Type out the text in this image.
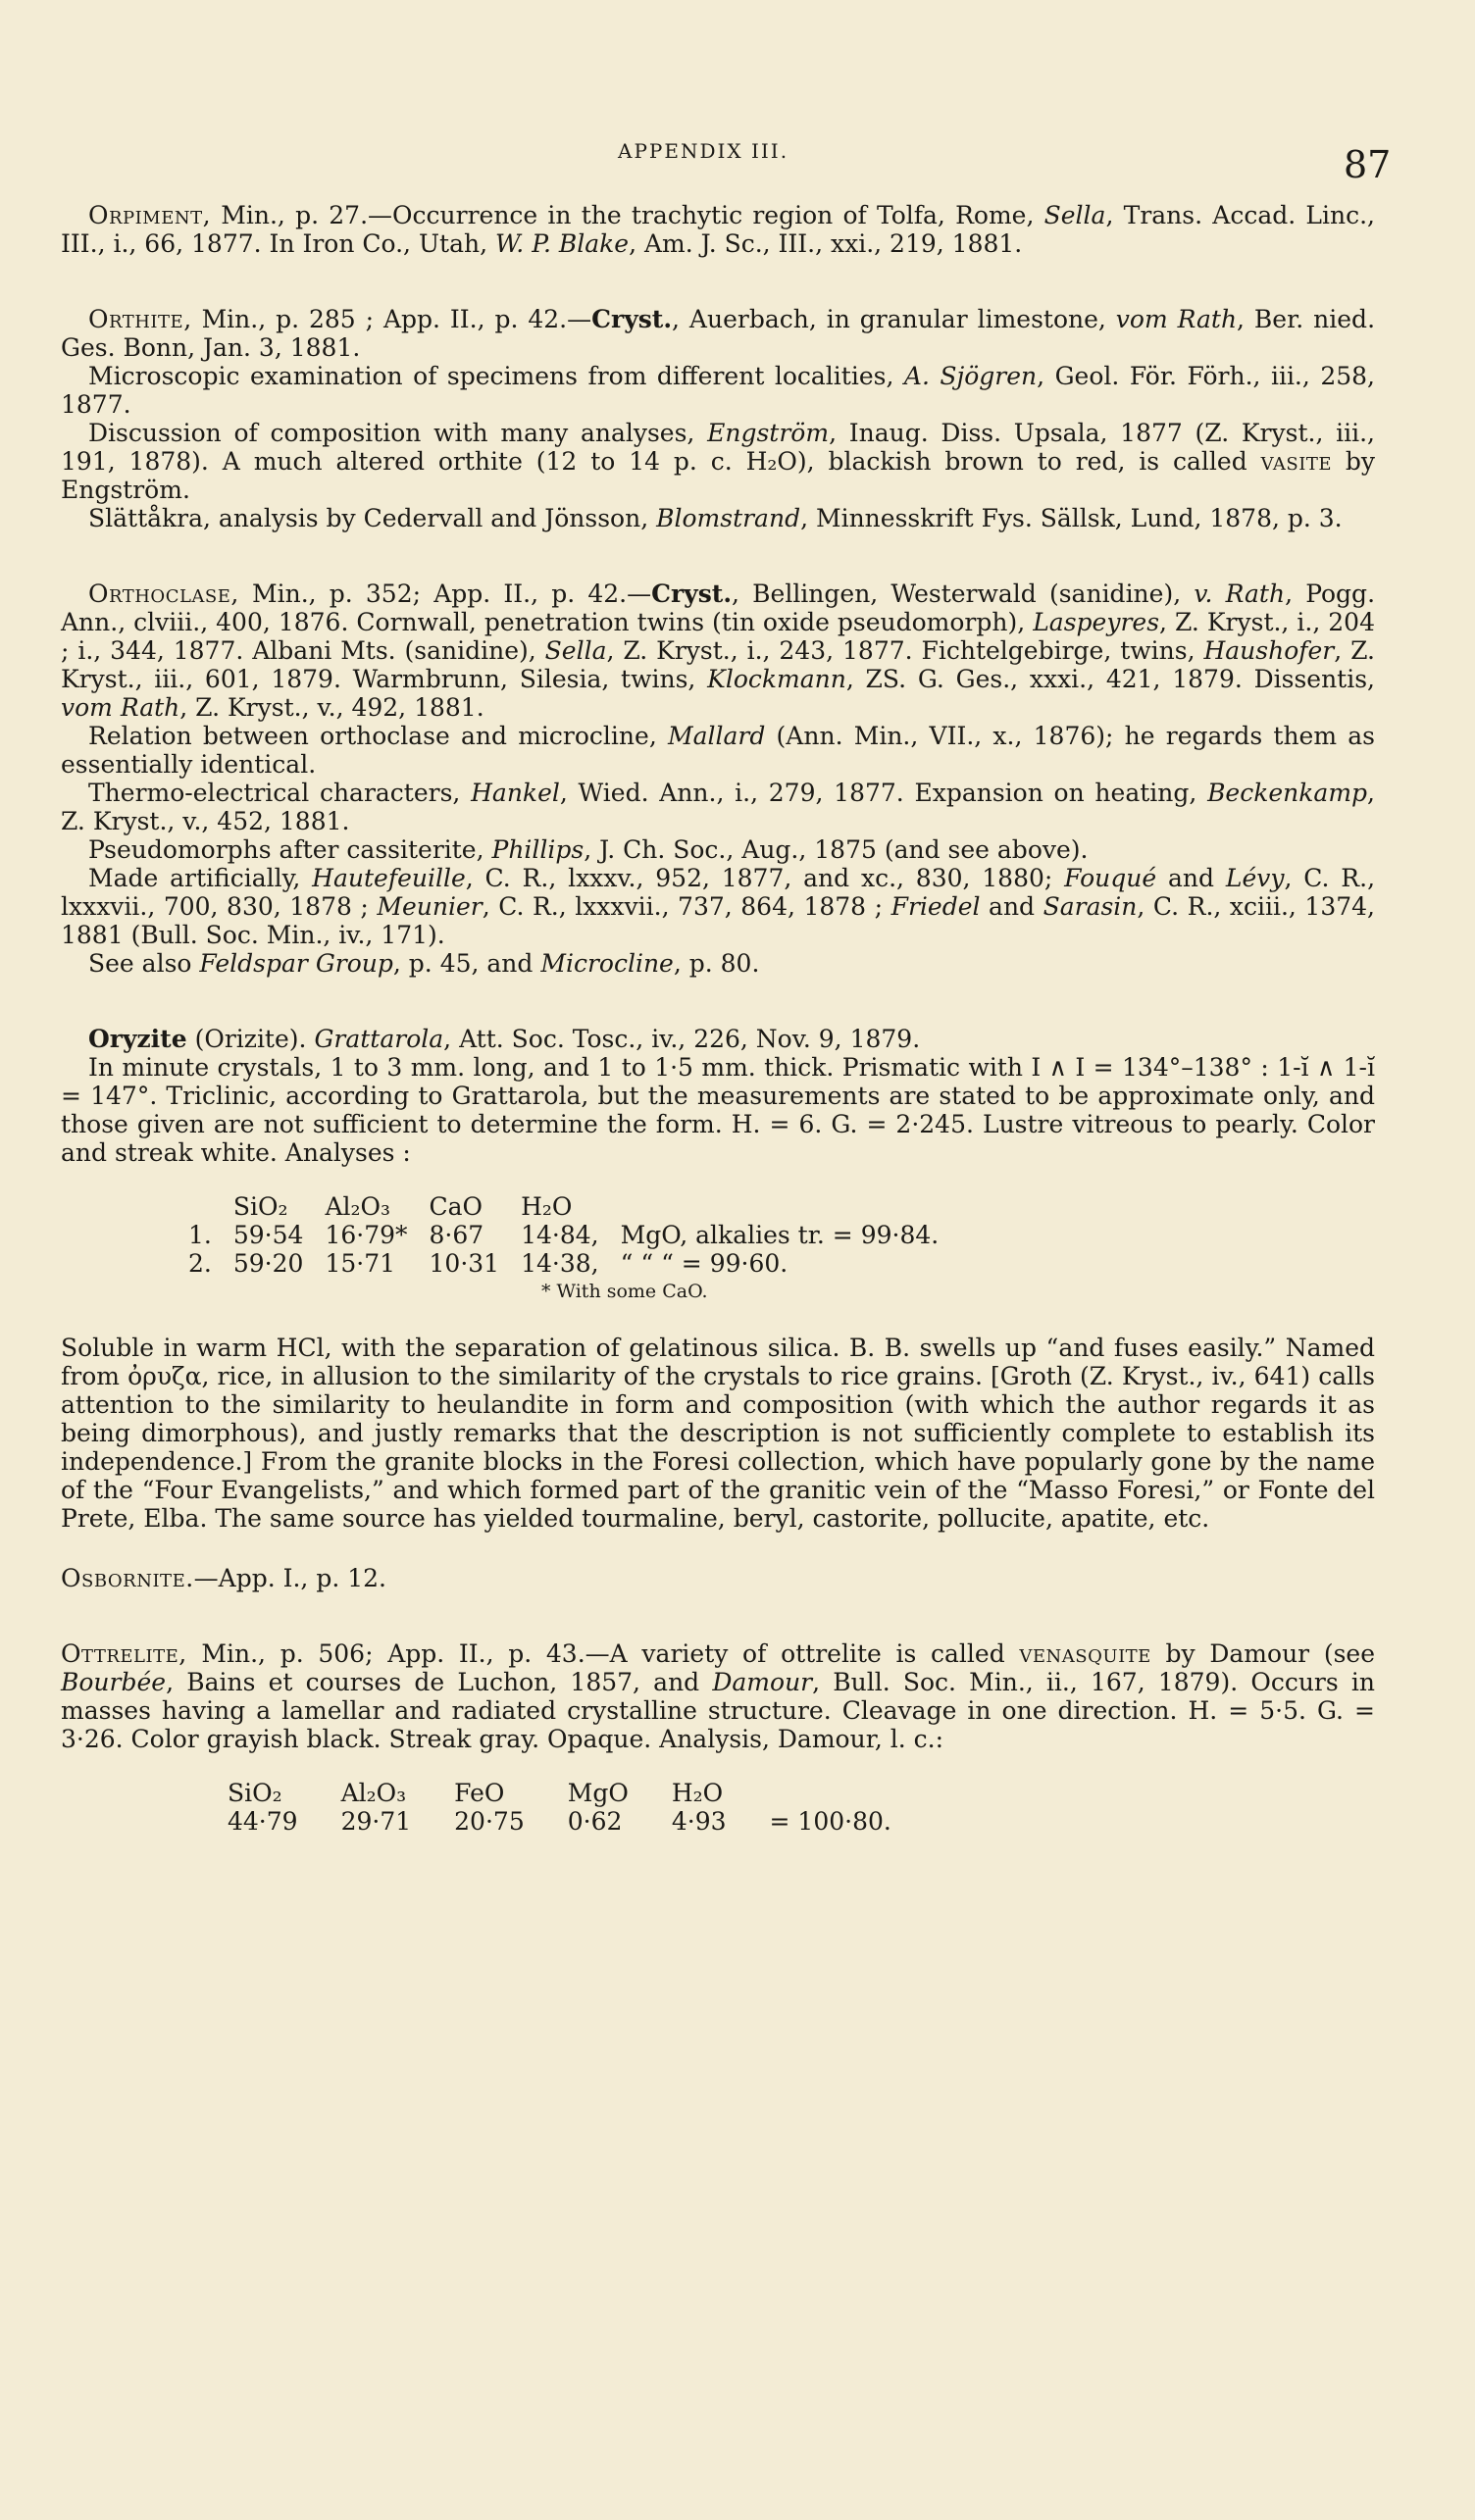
APPENDIX III.	87

Orpiment, Min., p. 27.—Occurrence in the trachytic region of Tolfa, Rome, Sella, Trans. Accad. Linc., III., i., 66, 1877. In Iron Co., Utah, W. P. Blake, Am. J. Sc., III., xxi., 219, 1881.

Orthite, Min., p. 285 ; App. II., p. 42.—Cryst., Auerbach, in granular limestone, vom Rath, Ber. nied. Ges. Bonn, Jan. 3, 1881.

Microscopic examination of specimens from different localities, A. Sjögren, Geol. För. Förh., iii., 258, 1877.

Discussion of composition with many analyses, Engström, Inaug. Diss. Upsala, 1877 (Z. Kryst., iii., 191, 1878). A much altered orthite (12 to 14 p. c. H₂O), blackish brown to red, is called vasite by Engström.

Slättåkra, analysis by Cedervall and Jönsson, Blomstrand, Minnesskrift Fys. Sällsk, Lund, 1878, p. 3.

Orthoclase, Min., p. 352; App. II., p. 42.—Cryst., Bellingen, Westerwald (sanidine), v. Rath, Pogg. Ann., clviii., 400, 1876. Cornwall, penetration twins (tin oxide pseudomorph), Laspeyres, Z. Kryst., i., 204 ; i., 344, 1877. Albani Mts. (sanidine), Sella, Z. Kryst., i., 243, 1877. Fichtelgebirge, twins, Haushofer, Z. Kryst., iii., 601, 1879. Warmbrunn, Silesia, twins, Klockmann, ZS. G. Ges., xxxi., 421, 1879. Dissentis, vom Rath, Z. Kryst., v., 492, 1881.

Relation between orthoclase and microcline, Mallard (Ann. Min., VII., x., 1876); he regards them as essentially identical.

Thermo-electrical characters, Hankel, Wied. Ann., i., 279, 1877. Expansion on heating, Beckenkamp, Z. Kryst., v., 452, 1881.

Pseudomorphs after cassiterite, Phillips, J. Ch. Soc., Aug., 1875 (and see above).

Made artificially, Hautefeuille, C. R., lxxxv., 952, 1877, and xc., 830, 1880; Fouqué and Lévy, C. R., lxxxvii., 700, 830, 1878 ; Meunier, C. R., lxxxvii., 737, 864, 1878 ; Friedel and Sarasin, C. R., xciii., 1374, 1881 (Bull. Soc. Min., iv., 171).

See also Feldspar Group, p. 45, and Microcline, p. 80.

Oryzite (Orizite). Grattarola, Att. Soc. Tosc., iv., 226, Nov. 9, 1879.

In minute crystals, 1 to 3 mm. long, and 1 to 1·5 mm. thick. Prismatic with I ∧ I = 134°–138° : 1-ĭ ∧ 1-ĭ = 147°. Triclinic, according to Grattarola, but the measurements are stated to be approximate only, and those given are not sufficient to determine the form. H. = 6. G. = 2·245. Lustre vitreous to pearly. Color and streak white. Analyses :

	SiO₂	Al₂O₃	CaO	H₂O	
1.	59·54	16·79*	8·67	14·84,	MgO, alkalies tr. = 99·84.
2.	59·20	15·71	10·31	14·38,	“ “ “ = 99·60.
* With some CaO.

Soluble in warm HCl, with the separation of gelatinous silica. B. B. swells up “and fuses easily.” Named from ὀρυζα, rice, in allusion to the similarity of the crystals to rice grains. [Groth (Z. Kryst., iv., 641) calls attention to the similarity to heulandite in form and composition (with which the author regards it as being dimorphous), and justly remarks that the description is not sufficiently complete to establish its independence.] From the granite blocks in the Foresi collection, which have popularly gone by the name of the “Four Evangelists,” and which formed part of the granitic vein of the “Masso Foresi,” or Fonte del Prete, Elba. The same source has yielded tourmaline, beryl, castorite, pollucite, apatite, etc.

Osbornite.—App. I., p. 12.

Ottrelite, Min., p. 506; App. II., p. 43.—A variety of ottrelite is called venasquite by Damour (see Bourbée, Bains et courses de Luchon, 1857, and Damour, Bull. Soc. Min., ii., 167, 1879). Occurs in masses having a lamellar and radiated crystalline structure. Cleavage in one direction. H. = 5·5. G. = 3·26. Color grayish black. Streak gray. Opaque. Analysis, Damour, l. c.:

SiO₂	Al₂O₃	FeO	MgO	H₂O	
44·79	29·71	20·75	0·62	4·93	= 100·80.
